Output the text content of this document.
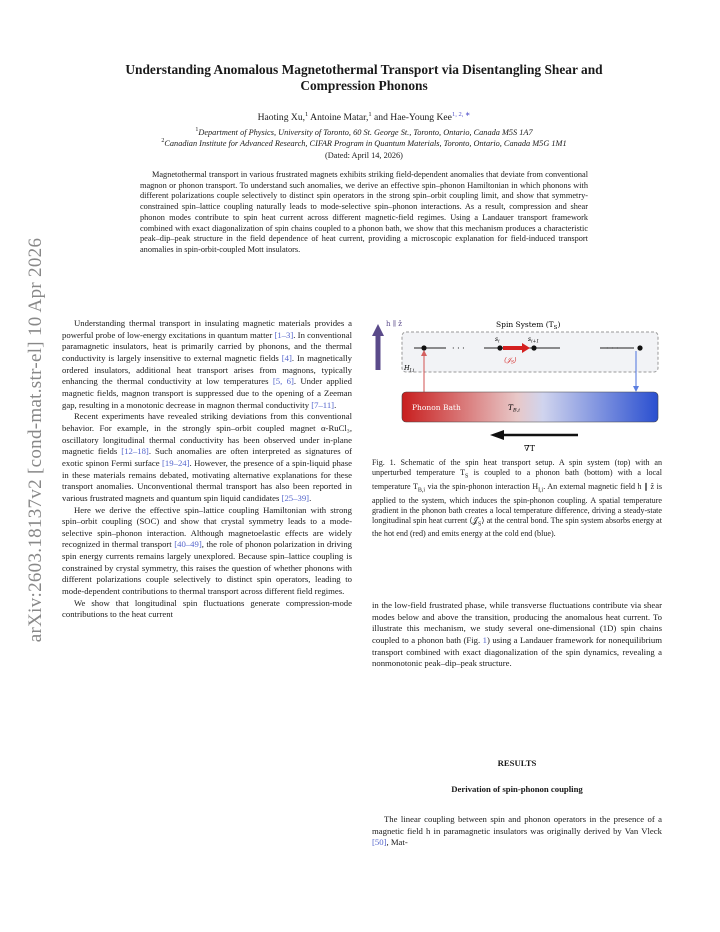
arXiv:2603.18137v2 [cond-mat.str-el] 10 Apr 2026
Understanding Anomalous Magnetothermal Transport via Disentangling Shear and
Compression Phonons
Haoting Xu,$^1$ Antoine Matar,$^1$ and Hae-Young Kee$^{1, 2, ∗}$
$^1$Department of Physics, University of Toronto, 60 St. George St., Toronto, Ontario, Canada M5S 1A7
$^2$Canadian Institute for Advanced Research, CIFAR Program in Quantum Materials, Toronto, Ontario, Canada M5G 1M1
(Dated: April 14, 2026)
Magnetothermal transport in various frustrated magnets exhibits striking field-dependent anomalies that deviate from conventional magnon or phonon transport. To understand such anomalies, we derive an effective spin–phonon Hamiltonian in which phonons with different polarizations couple selectively to distinct spin operators in the strong spin–orbit coupling limit, and show that symmetry-constrained spin–lattice coupling naturally leads to mode-selective spin–phonon interactions. As a result, compression and shear phonon modes contribute to spin heat current across different magnetic-field regimes. Using a Landauer transport framework combined with exact diagonalization of spin chains coupled to a phonon bath, we show that this mechanism produces a characteristic peak–dip–peak structure in the field dependence of heat current, providing a microscopic explanation for field-induced transport anomalies in spin-orbit-coupled Mott insulators.

Understanding thermal transport in insulating magnetic materials provides a powerful probe of low-energy excitations in quantum matter [1–3]. In conventional paramagnetic insulators, heat is primarily carried by phonons, and the thermal conductivity is largely insensitive to external magnetic fields [4]. In magnetically ordered insulators, additional heat transport arises from magnons, typically enhancing the thermal conductivity at low temperatures [5, 6]. Under applied magnetic fields, magnon transport is suppressed due to the opening of a Zeeman gap, resulting in a monotonic decrease in magnon thermal conductivity [7–11].

Recent experiments have revealed striking deviations from this conventional behavior. For example, in the strongly spin–orbit coupled magnet α-RuCl₃, oscillatory longitudinal thermal conductivity has been observed under in-plane magnetic fields [12–18]. Such anomalies are often interpreted as signatures of exotic spinon Fermi surface [19–24]. However, the presence of a spin-liquid phase in these materials remains debated, motivating alternative explanations for these transport anomalies. Unconventional thermal transport has also been reported in various frustrated magnets and quantum spin liquid candidates [25–39].

Here we derive the effective spin–lattice coupling Hamiltonian with strong spin–orbit coupling (SOC) and show that crystal symmetry leads to a mode-selective spin–phonon interaction. Although magnetoelastic effects are widely recognized in thermal transport [40–49], the role of phonon polarization in driving spin energy currents remains largely unexplored. Because spin–lattice coupling is constrained by crystal symmetry, this raises the question of whether phonons with different polarizations couple selectively to distinct spin operators, leading to mode-dependent contributions to thermal transport across different field regimes.

We show that longitudinal spin fluctuations generate compression-mode contributions to the heat current

h ∥ ẑ	Spin System $(T_S)$
· · ·	· · ·
$s_i$	$s_{i+1}$
⟨𝒥$_S$⟩
$H_{I,i}$
Phonon Bath	$T_{B,i}$
∇T
Fig. 1. Schematic of the spin heat transport setup. A spin system (top) with an unperturbed temperature $T_S$ is coupled to a phonon bath (bottom) with a local temperature $T_{B,i}$ via the spin-phonon interaction $H_{I,i}$. An external magnetic field h ∥ ẑ is applied to the system, which induces the spin-phonon coupling. A spatial temperature gradient in the phonon bath creates a local temperature difference, driving a steady-state longitudinal spin heat current ⟨𝒥$_S$⟩ at the central bond. The spin system absorbs energy at the hot end (red) and emits energy at the cold end (blue).

in the low-field frustrated phase, while transverse fluctuations contribute via shear modes below and above the transition, producing the anomalous heat current. To illustrate this mechanism, we study several one-dimensional (1D) spin chains coupled to a phonon bath (Fig. 1) using a Landauer framework for nonequilibrium transport combined with exact diagonalization of the spin dynamics, revealing a nonmonotonic peak–dip–peak structure.

RESULTS
Derivation of spin-phonon coupling

The linear coupling between spin and phonon operators in the presence of a magnetic field h in paramagnetic insulators was originally derived by Van Vleck [50], Mat-
